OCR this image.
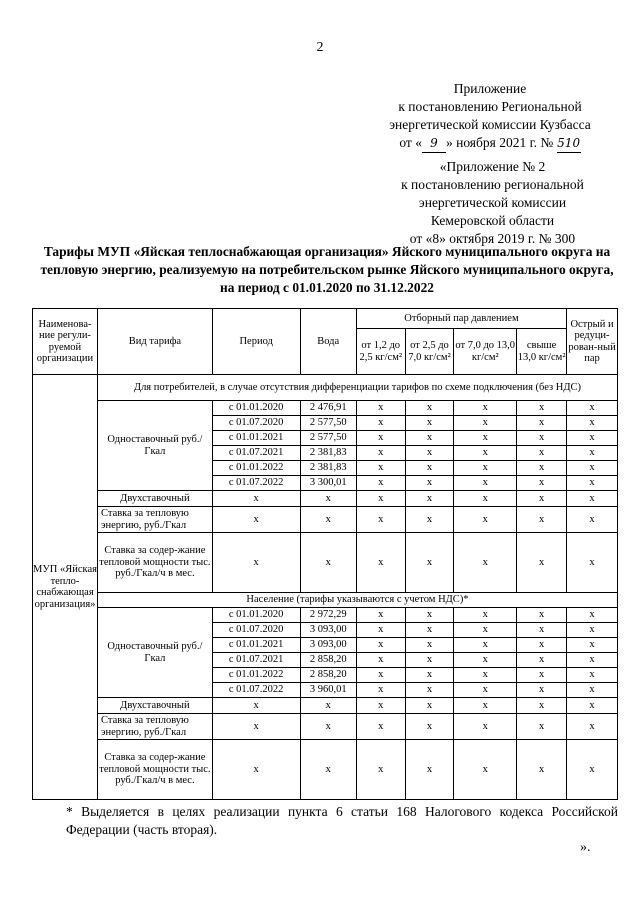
2
Приложение
к постановлению Региональной
энергетической комиссии Кузбасса
от « 9 » ноября 2021 г. № 510
«Приложение № 2
к постановлению региональной
энергетической комиссии
Кемеровской области
от «8» октября 2019 г. № 300
Тарифы МУП «Яйская теплоснабжающая организация» Яйского муниципального округа на тепловую энергию, реализуемую на потребительском рынке Яйского муниципального округа, на период с 01.01.2020 по 31.12.2022
Наименова-ние регули-руемой организации	Вид тарифа	Период	Вода	Отборный пар давлением				Острый и редуци-рован-ный пар
				от 1,2 до 2,5 кг/см²	от 2,5 до 7,0 кг/см²	от 7,0 до 13,0 кг/см²	свыше 13,0 кг/см²	
МУП «Яйская тепло-снабжающая организация»	Для потребителей, в случае отсутствия дифференциации тарифов по схеме подключения (без НДС)							
	Одноставочный руб./Гкал	с 01.01.2020	2 476,91	х	х	х	х	х
		с 01.07.2020	2 577,50	х	х	х	х	х
		с 01.01.2021	2 577,50	х	х	х	х	х
		с 01.07.2021	2 381,83	х	х	х	х	х
		с 01.01.2022	2 381,83	х	х	х	х	х
		с 01.07.2022	3 300,01	х	х	х	х	х
	Двухставочный	х	х	х	х	х	х	х
	Ставка за тепловую энергию, руб./Гкал	х	х	х	х	х	х	х
	Ставка за содер-жание тепловой мощности тыс. руб./Гкал/ч в мес.	х	х	х	х	х	х	х
	Население (тарифы указываются с учетом НДС)*							
	Одноставочный руб./Гкал	с 01.01.2020	2 972,29	х	х	х	х	х
		с 01.07.2020	3 093,00	х	х	х	х	х
		с 01.01.2021	3 093,00	х	х	х	х	х
		с 01.07.2021	2 858,20	х	х	х	х	х
		с 01.01.2022	2 858,20	х	х	х	х	х
		с 01.07.2022	3 960,01	х	х	х	х	х
	Двухставочный	х	х	х	х	х	х	х
	Ставка за тепловую энергию, руб./Гкал	х	х	х	х	х	х	х
	Ставка за содер-жание тепловой мощности тыс. руб./Гкал/ч в мес.	х	х	х	х	х	х	х
* Выделяется в целях реализации пункта 6 статьи 168 Налогового кодекса Российской Федерации (часть вторая).
».
